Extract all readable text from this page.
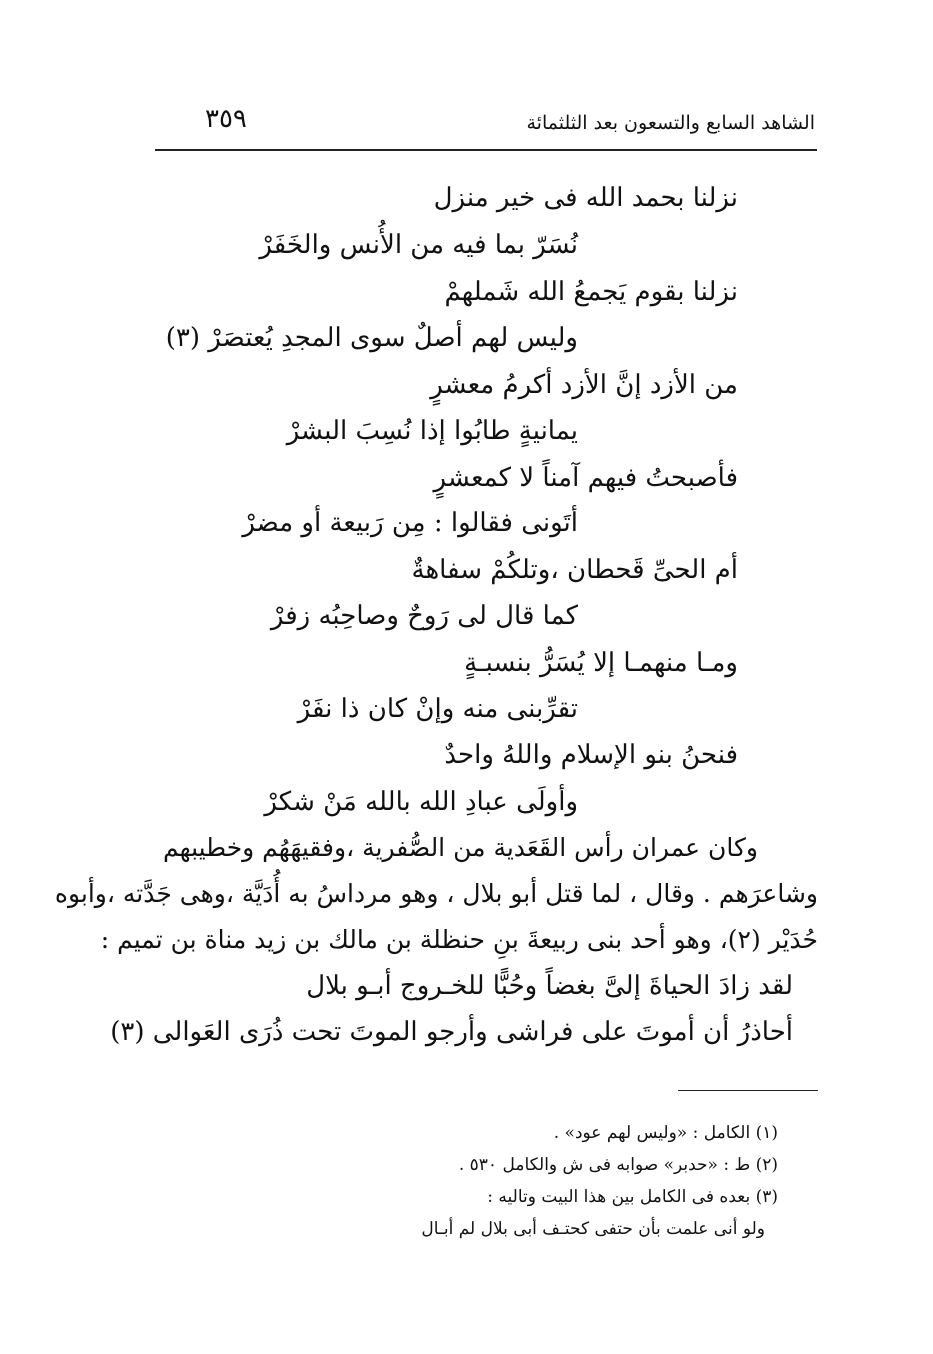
الشاهد السابع والتسعون بعد الثلثمائة
٣٥٩
نزلنا بحمد الله فى خير منزل
نُسَرّ بما فيه من الأُنس والخَفَرْ
نزلنا بقوم يَجمعُ الله شَملهمْ
وليس لهم أصلٌ سوى المجدِ يُعتصَرْ (٣)
من الأزد إنَّ الأزد أكرمُ معشرٍ
يمانيةٍ طابُوا إذا نُسِبَ البشرْ
فأصبحتُ فيهم آمناً لا كمعشرٍ
أتَونى فقالوا : مِن رَبيعة أو مضرْ
أم الحىِّ قَحطان ،وتلكُمْ سفاهةٌ
كما قال لى رَوحٌ وصاحِبُه زفرْ
ومـا منهمـا إلا يُسَرُّ بنسبـةٍ
تقرِّبنى منه وإنْ كان ذا نفَرْ
فنحنُ بنو الإسلام واللهُ واحدٌ
وأولَى عبادِ الله بالله مَنْ شكرْ
وكان عمران رأس القَعَدية من الصُّفرية ،وفقيهَهُم وخطيبهم
وشاعرَهم . وقال ، لما قتل أبو بلال ، وهو مرداسُ به أُدَيَّة ،وهى جَدَّته ،وأبوه
حُدَيْر (٢)، وهو أحد بنى ربيعةَ بنِ حنظلة بن مالك بن زيد مناة بن تميم :
لقد زادَ الحياةَ إلىَّ بغضاً وحُبًّا للخـروج أبـو بلال
أحاذرُ أن أموتَ على فراشى وأرجو الموتَ تحت ذُرَى العَوالى (٣)
(١) الكامل : «وليس لهم عود» .
(٢) ط : «حدبر» صوابه فى ش والكامل ٥٣٠ .
(٣) بعده فى الكامل بين هذا البيت وتاليه :
ولو أنى علمت بأن حتفى كحتـف أبى بلال لم أبـال
